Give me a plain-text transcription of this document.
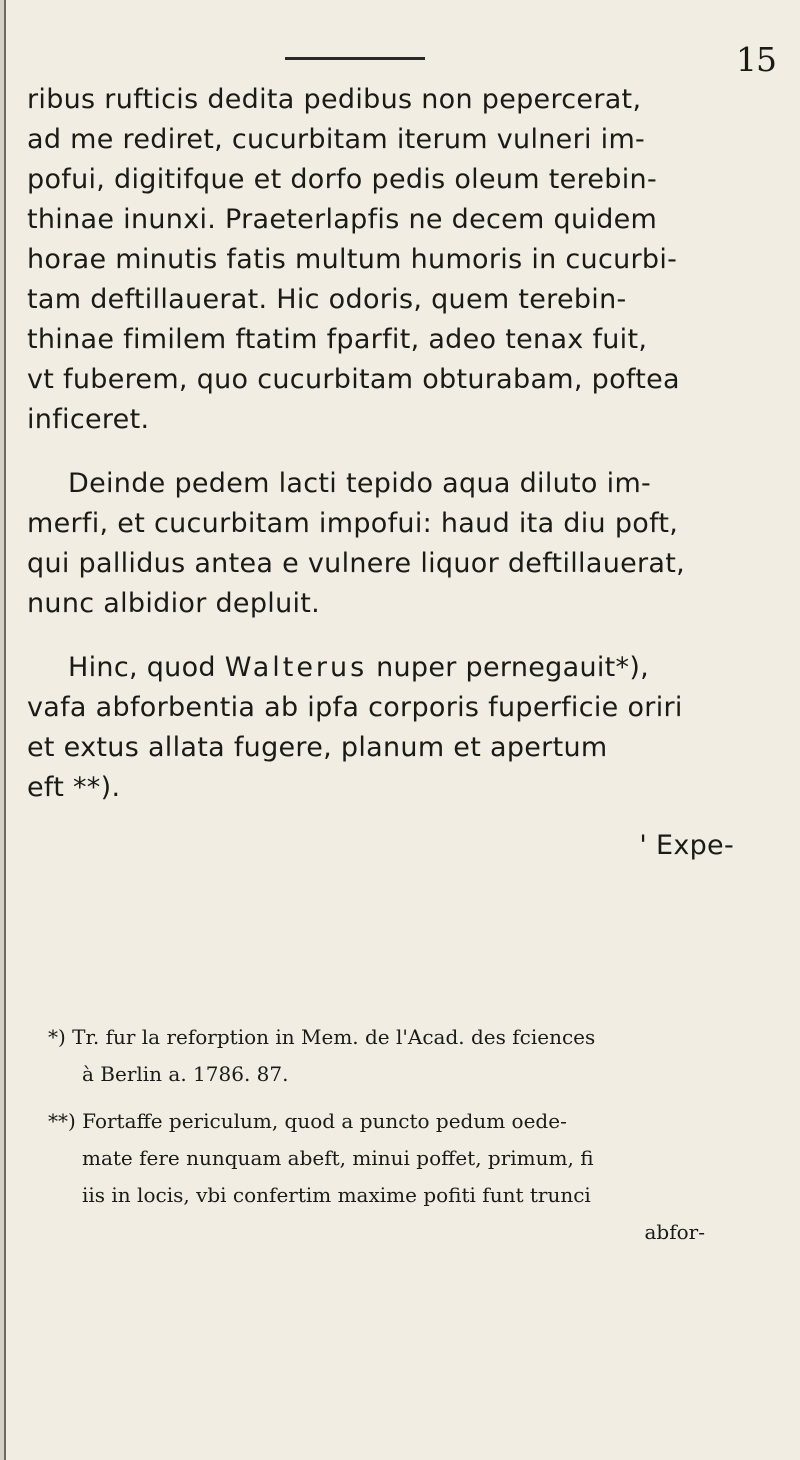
15
ribus rufticis dedita pedibus non pepercerat,
ad me rediret, cucurbitam iterum vulneri im-
pofui, digitifque et dorfo pedis oleum terebin-
thinae inunxi. Praeterlapfis ne decem quidem
horae minutis fatis multum humoris in cucurbi-
tam deftillauerat. Hic odoris, quem terebin-
thinae fimilem ftatim fparfit, adeo tenax fuit,
vt fuberem, quo cucurbitam obturabam, poftea
inficeret.
Deinde pedem lacti tepido aqua diluto im-
merfi, et cucurbitam impofui: haud ita diu poft,
qui pallidus antea e vulnere liquor deftillauerat,
nunc albidior depluit.
Hinc, quod Walterus nuper pernegauit*),
vafa abforbentia ab ipfa corporis fuperficie oriri
et extus allata fugere, planum et apertum
eft **).
' Expe-
*) Tr. fur la reforption in Mem. de l'Acad. des fciences
à Berlin a. 1786. 87.
**) Fortaffe periculum, quod a puncto pedum oede-
mate fere nunquam abeft, minui poffet, primum, fi
iis in locis, vbi confertim maxime pofiti funt trunci
abfor-
